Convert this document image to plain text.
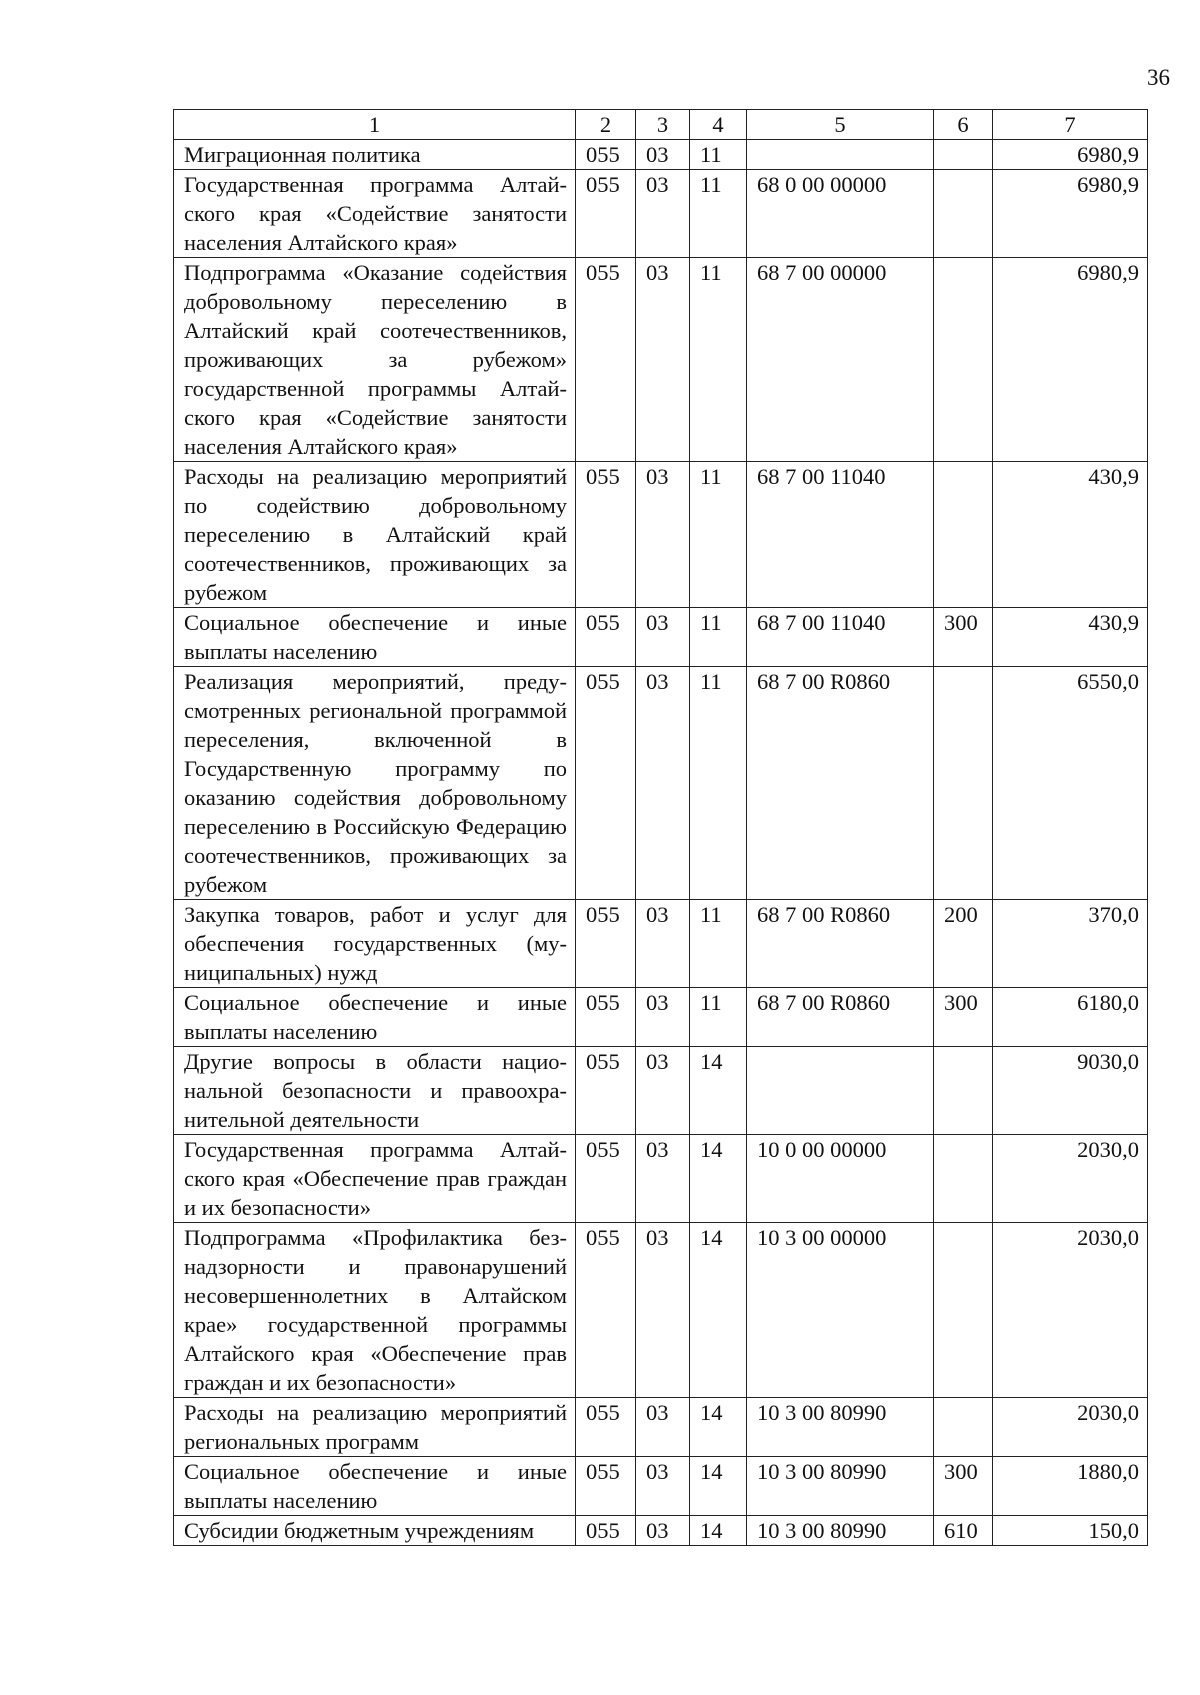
36
1	2	3	4	5	6	7
Миграционная политика	055	03	11			6980,9
Государственная программа Алтайского края «Содействие занятости населения Алтайского края»	055	03	11	68 0 00 00000		6980,9
Подпрограмма «Оказание содействия добровольному переселению в Алтайский край соотечественников, проживающих за рубежом» государственной программы Алтайского края «Содействие занятости населения Алтайского края»	055	03	11	68 7 00 00000		6980,9
Расходы на реализацию мероприятий по содействию добровольному переселению в Алтайский край соотечественников, проживающих за рубежом	055	03	11	68 7 00 11040		430,9
Социальное обеспечение и иные выплаты населению	055	03	11	68 7 00 11040	300	430,9
Реализация мероприятий, предусмотренных региональной программой переселения, включенной в Государственную программу по оказанию содействия добровольному переселению в Российскую Федерацию соотечественников, проживающих за рубежом	055	03	11	68 7 00 R0860		6550,0
Закупка товаров, работ и услуг для обеспечения государственных (муниципальных) нужд	055	03	11	68 7 00 R0860	200	370,0
Социальное обеспечение и иные выплаты населению	055	03	11	68 7 00 R0860	300	6180,0
Другие вопросы в области национальной безопасности и правоохранительной деятельности	055	03	14			9030,0
Государственная программа Алтайского края «Обеспечение прав граждан и их безопасности»	055	03	14	10 0 00 00000		2030,0
Подпрограмма «Профилактика безнадзорности и правонарушений несовершеннолетних в Алтайском крае» государственной программы Алтайского края «Обеспечение прав граждан и их безопасности»	055	03	14	10 3 00 00000		2030,0
Расходы на реализацию мероприятий региональных программ	055	03	14	10 3 00 80990		2030,0
Социальное обеспечение и иные выплаты населению	055	03	14	10 3 00 80990	300	1880,0
Субсидии бюджетным учреждениям	055	03	14	10 3 00 80990	610	150,0
